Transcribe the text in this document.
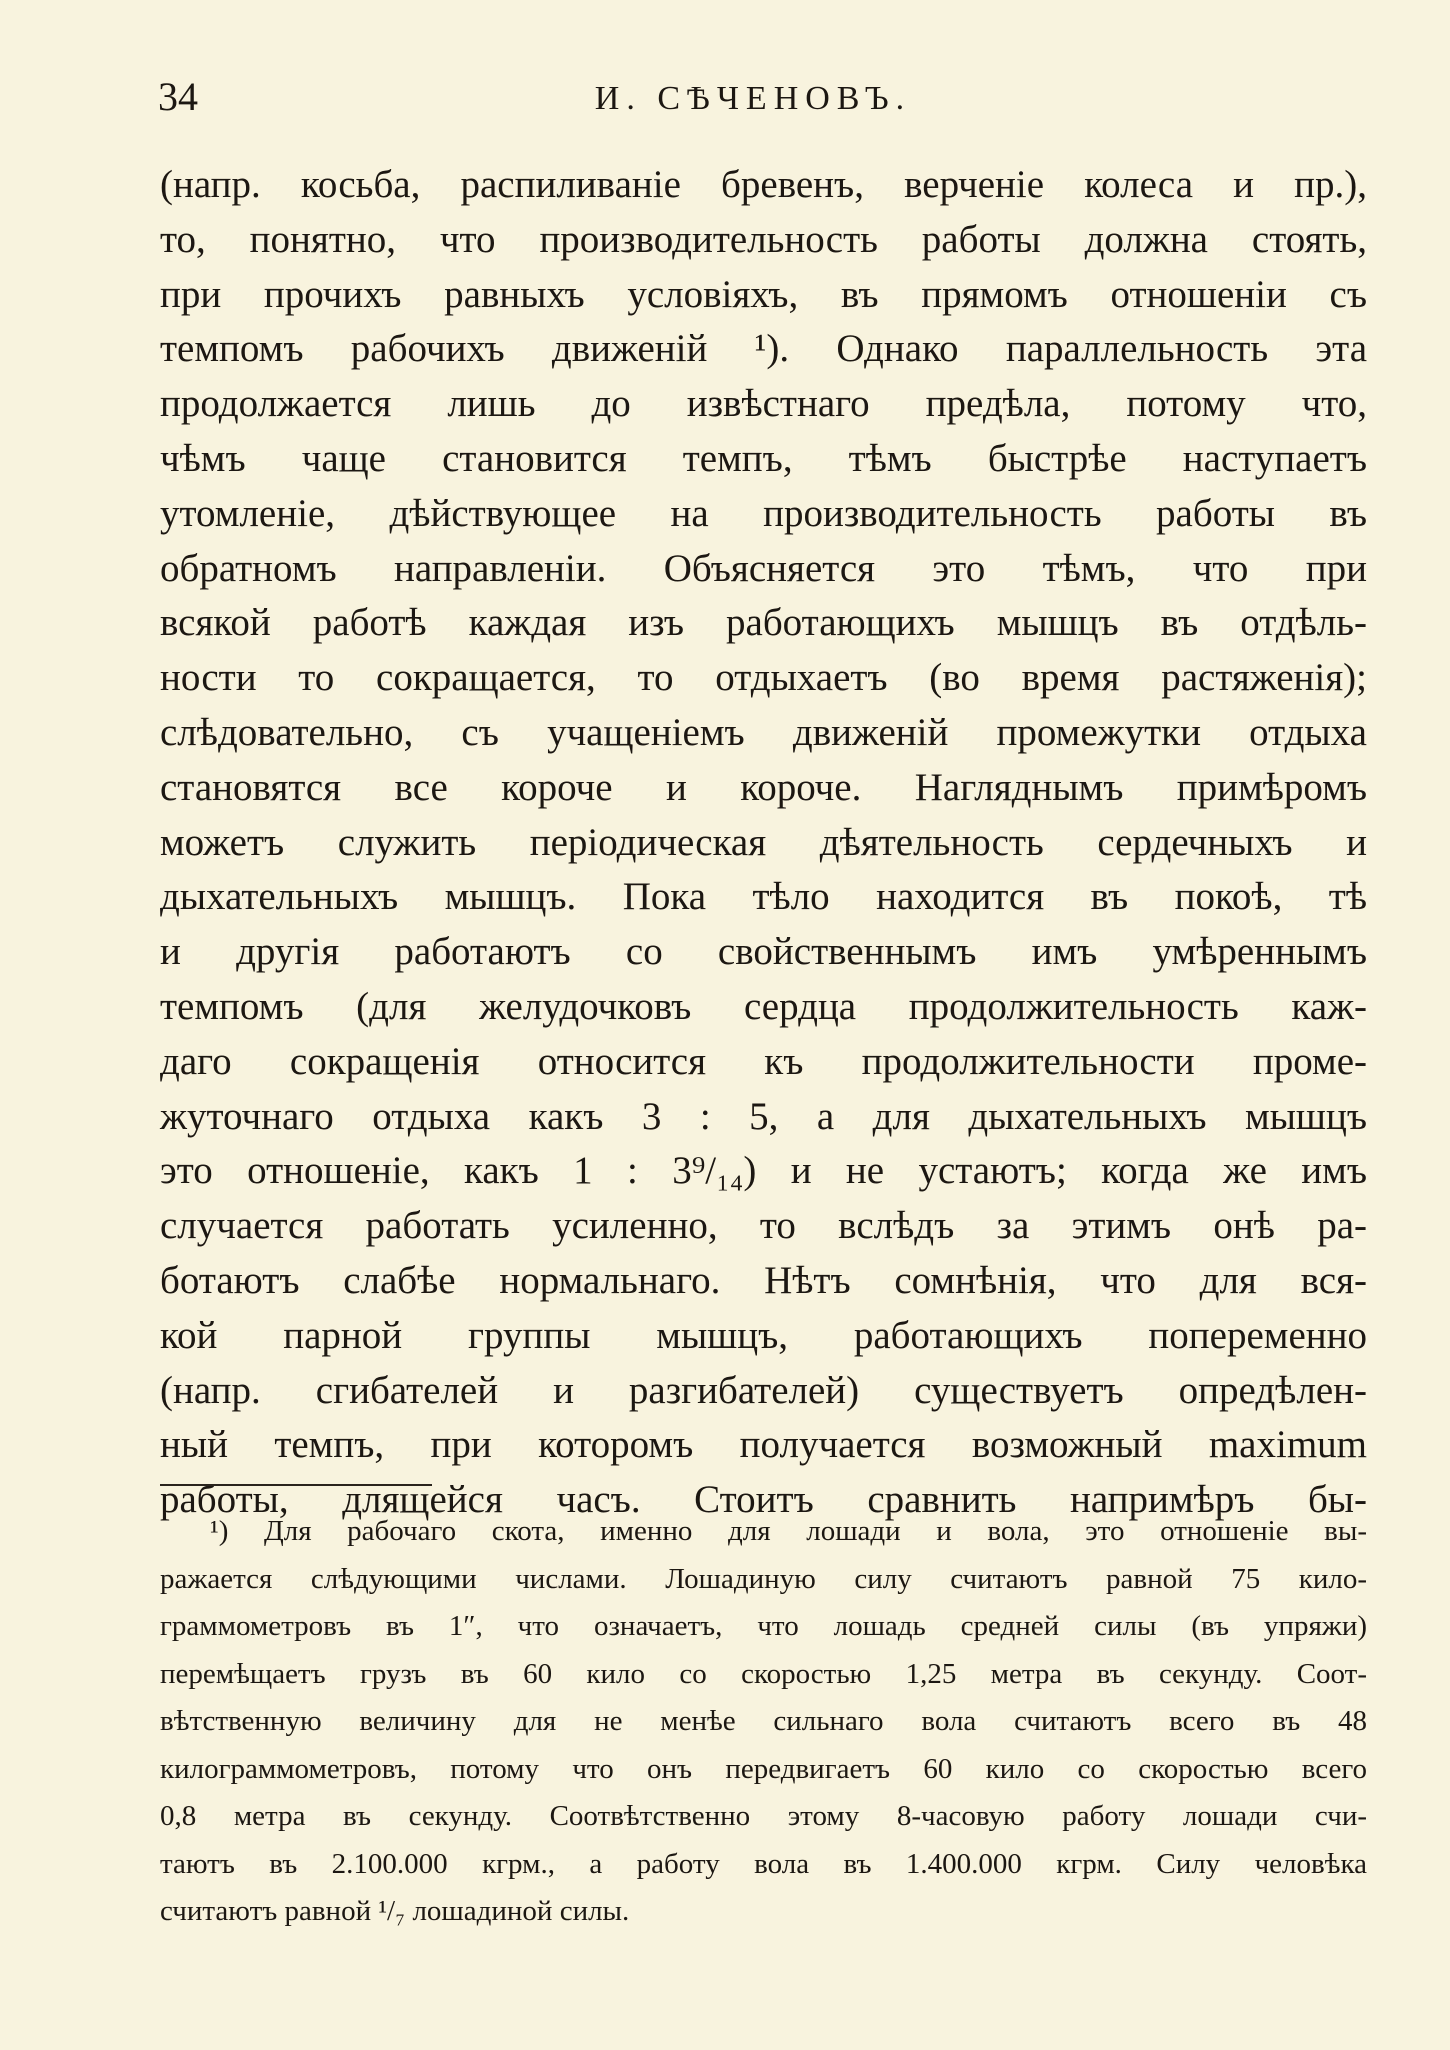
34	И. СѢЧЕНОВЪ.
(напр. косьба, распиливаніе бревенъ, верченіе колеса и пр.),
то, понятно, что производительность работы должна стоять,
при прочихъ равныхъ условіяхъ, въ прямомъ отношеніи съ
темпомъ рабочихъ движеній ¹). Однако параллельность эта
продолжается лишь до извѣстнаго предѣла, потому что,
чѣмъ чаще становится темпъ, тѣмъ быстрѣе наступаетъ
утомленіе, дѣйствующее на производительность работы въ
обратномъ направленіи. Объясняется это тѣмъ, что при
всякой работѣ каждая изъ работающихъ мышцъ въ отдѣль-
ности то сокращается, то отдыхаетъ (во время растяженія);
слѣдовательно, съ учащеніемъ движеній промежутки отдыха
становятся все короче и короче. Нагляднымъ примѣромъ
можетъ служить періодическая дѣятельность сердечныхъ и
дыхательныхъ мышцъ. Пока тѣло находится въ покоѣ, тѣ
и другія работаютъ со свойственнымъ имъ умѣреннымъ
темпомъ (для желудочковъ сердца продолжительность каж-
даго сокращенія относится къ продолжительности проме-
жуточнаго отдыха какъ 3 : 5, а для дыхательныхъ мышцъ
это отношеніе, какъ 1 : 3⁹/₁₄) и не устаютъ; когда же имъ
случается работать усиленно, то вслѣдъ за этимъ онѣ ра-
ботаютъ слабѣе нормальнаго. Нѣтъ сомнѣнія, что для вся-
кой парной группы мышцъ, работающихъ попеременно
(напр. сгибателей и разгибателей) существуетъ опредѣлен-
ный темпъ, при которомъ получается возможный maximum
работы, длящейся часъ. Стоитъ сравнить напримѣръ бы-
¹) Для рабочаго скота, именно для лошади и вола, это отношеніе вы-
ражается слѣдующими числами. Лошадиную силу считаютъ равной 75 кило-
граммометровъ въ 1″, что означаетъ, что лошадь средней силы (въ упряжи)
перемѣщаетъ грузъ въ 60 кило со скоростью 1,25 метра въ секунду. Соот-
вѣтственную величину для не менѣе сильнаго вола считаютъ всего въ 48
килограммометровъ, потому что онъ передвигаетъ 60 кило со скоростью всего
0,8 метра въ секунду. Соотвѣтственно этому 8-часовую работу лошади счи-
таютъ въ 2.100.000 кгрм., а работу вола въ 1.400.000 кгрм. Силу человѣка
считаютъ равной ¹/₇ лошадиной силы.
